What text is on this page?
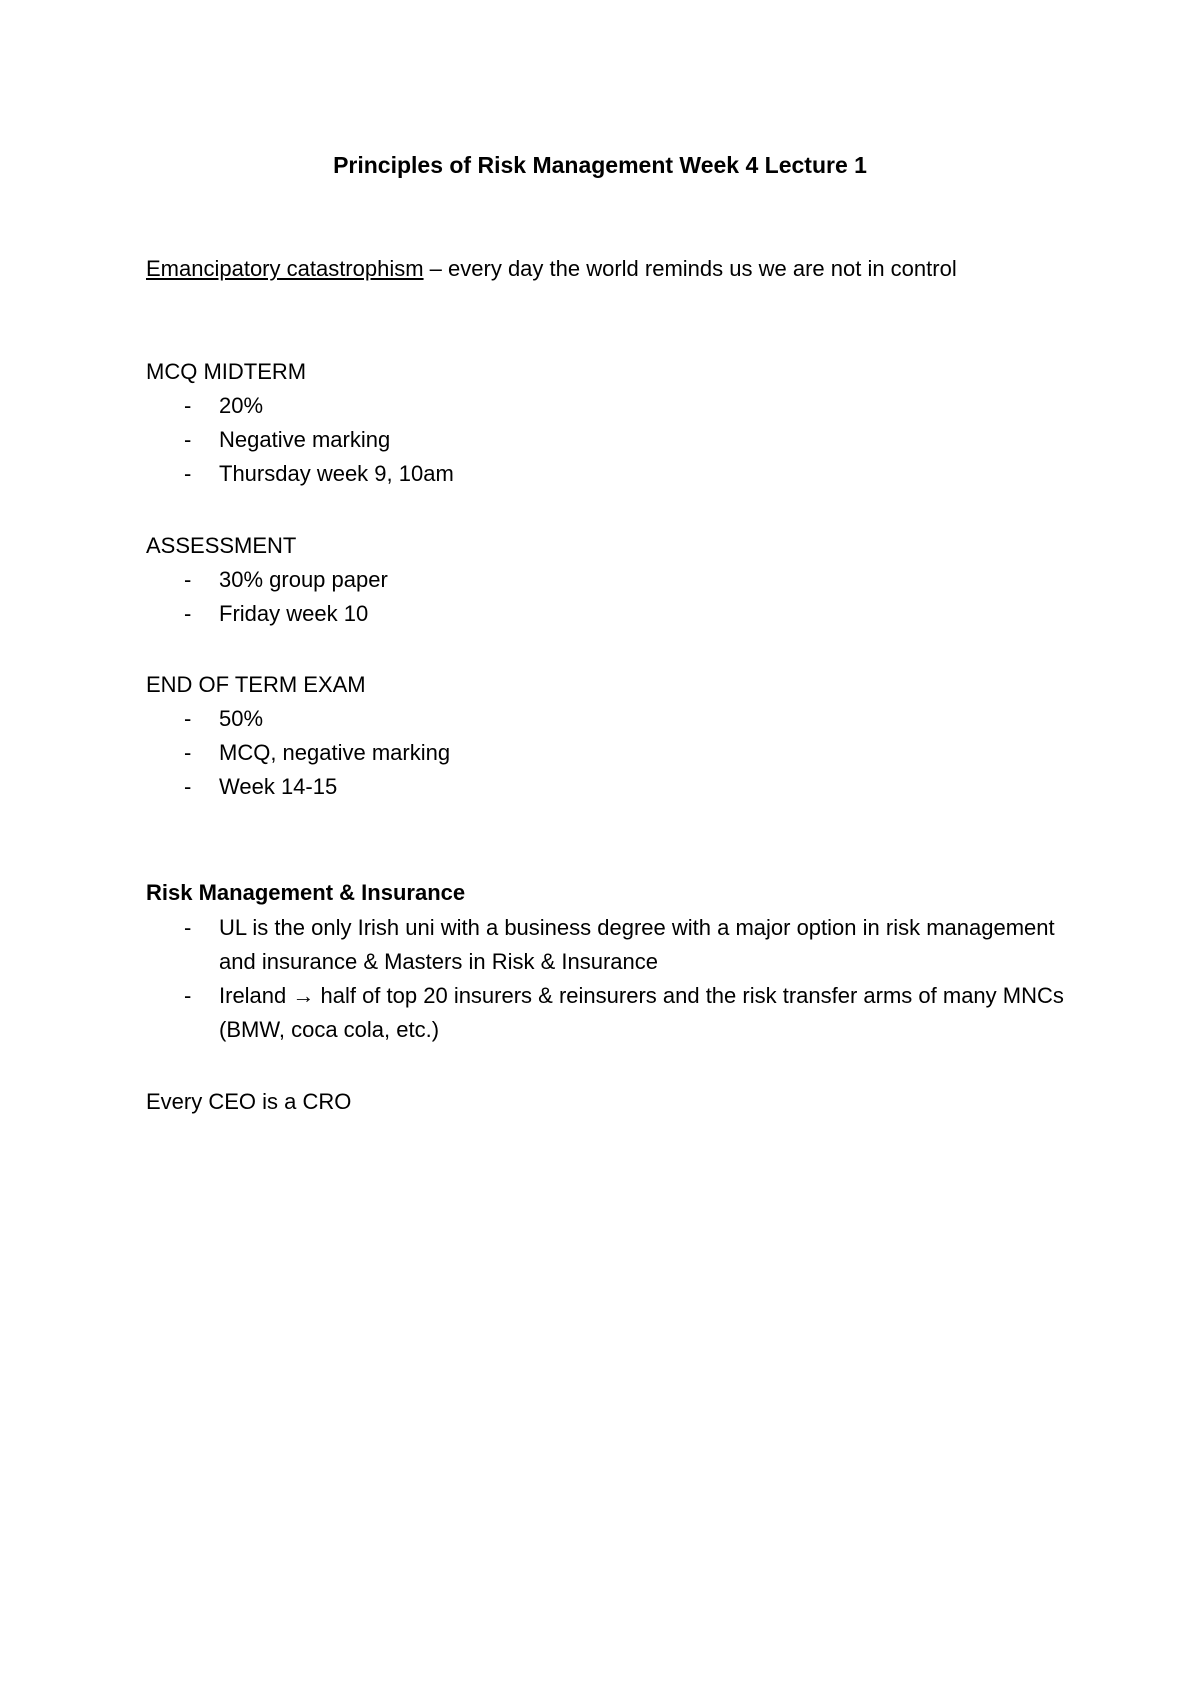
Principles of Risk Management Week 4 Lecture 1

Emancipatory catastrophism – every day the world reminds us we are not in control

MCQ MIDTERM
- 20%
- Negative marking
- Thursday week 9, 10am
ASSESSMENT
- 30% group paper
- Friday week 10
END OF TERM EXAM
- 50%
- MCQ, negative marking
- Week 14-15
Risk Management & Insurance
- UL is the only Irish uni with a business degree with a major option in risk management and insurance & Masters in Risk & Insurance
- Ireland → half of top 20 insurers & reinsurers and the risk transfer arms of many MNCs (BMW, coca cola, etc.)
Every CEO is a CRO
